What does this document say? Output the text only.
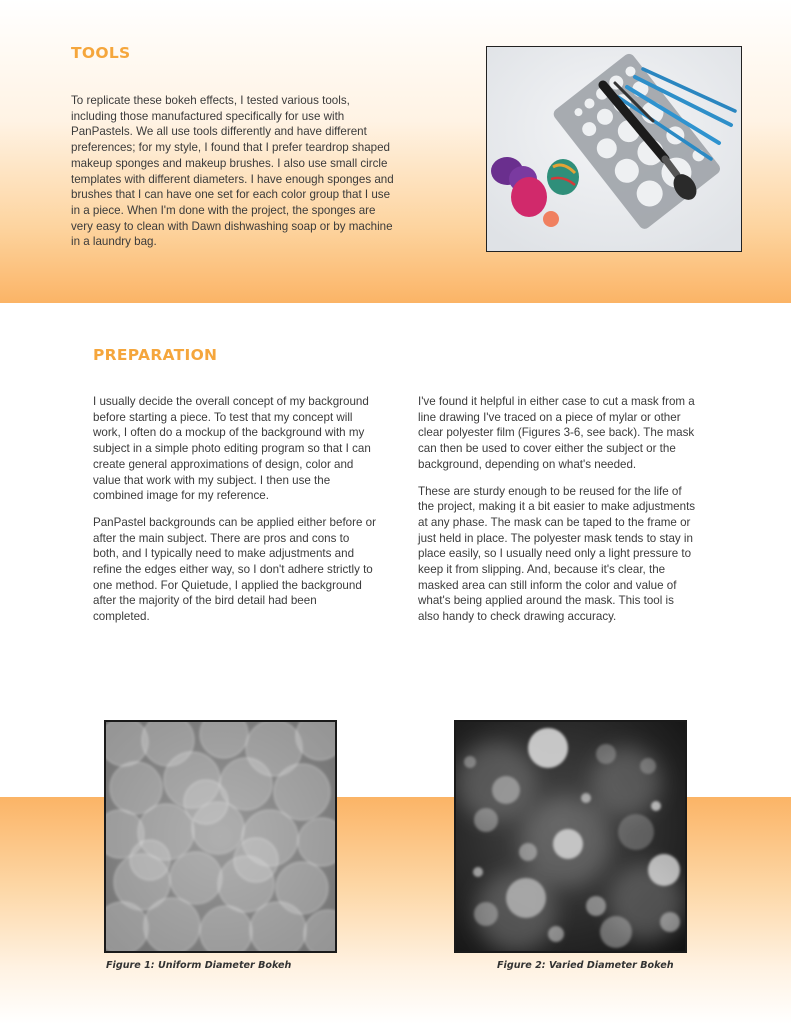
TOOLS

To replicate these bokeh effects, I tested various tools, including those manufactured specifically for use with PanPastels. We all use tools differently and have different preferences; for my style, I found that I prefer teardrop shaped makeup sponges and makeup brushes. I also use small circle templates with different diameters. I have enough sponges and brushes that I can have one set for each color group that I use in a piece. When I'm done with the project, the sponges are very easy to clean with Dawn dishwashing soap or by machine in a laundry bag.

PREPARATION

I usually decide the overall concept of my background before starting a piece. To test that my concept will work, I often do a mockup of the background with my subject in a simple photo editing program so that I can create general approximations of design, color and value that work with my subject. I then use the combined image for my reference.

PanPastel backgrounds can be applied either before or after the main subject. There are pros and cons to both, and I typically need to make adjustments and refine the edges either way, so I don't adhere strictly to one method. For Quietude, I applied the background after the majority of the bird detail had been completed.

I've found it helpful in either case to cut a mask from a line drawing I've traced on a piece of mylar or other clear polyester film (Figures 3-6, see back). The mask can then be used to cover either the subject or the background, depending on what's needed.

These are sturdy enough to be reused for the life of the project, making it a bit easier to make adjustments at any phase. The mask can be taped to the frame or just held in place. The polyester mask tends to stay in place easily, so I usually need only a light pressure to keep it from slipping. And, because it's clear, the masked area can still inform the color and value of what's being applied around the mask. This tool is also handy to check drawing accuracy.

Figure 1: Uniform Diameter Bokeh	Figure 2: Varied Diameter Bokeh
